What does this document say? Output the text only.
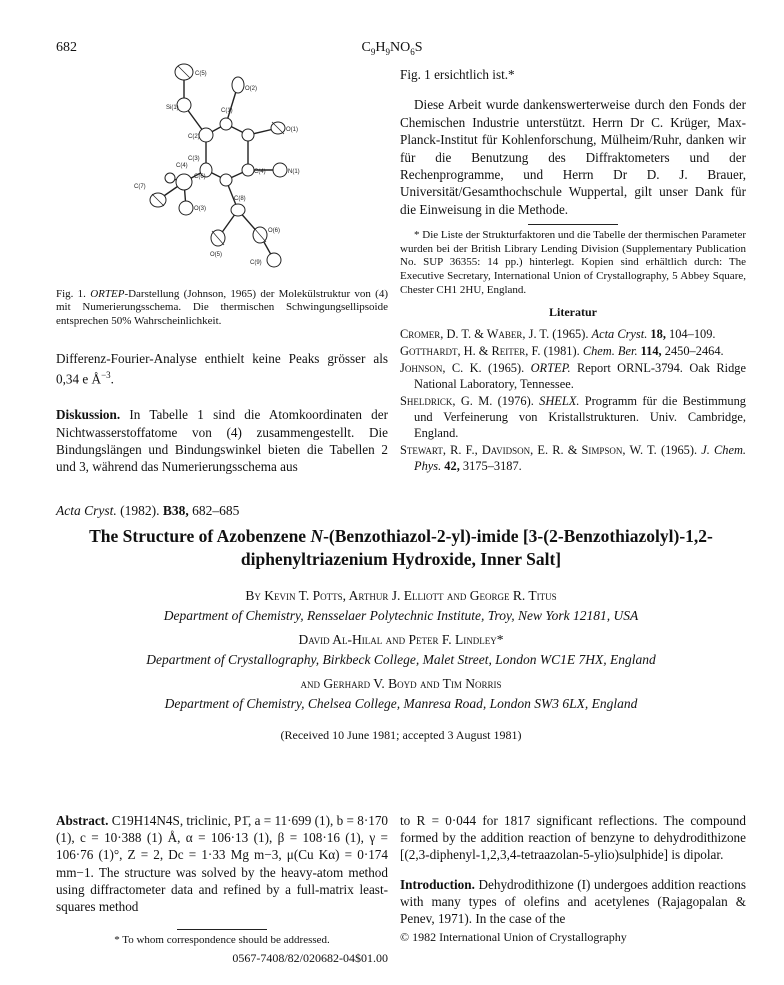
682	$C_9H_9NO_6S$
C(5)
Si(1)	C(1)
O(2)
C(2)
O(1)
C(3)
C(4)
N(1)
C(7)
C(6)
C(4)
O(3)
C(8)
O(5)
O(6)
C(9)
Fig. 1. ORTEP-Darstellung (Johnson, 1965) der Molekülstruktur von (4) mit Numerierungsschema. Die thermischen Schwingungsellipsoide entsprechen 50% Wahrscheinlichkeit.

Differenz-Fourier-Analyse enthielt keine Peaks grösser als 0,34 e $Å^{-3}$.

Diskussion. In Tabelle 1 sind die Atomkoordinaten der Nichtwasserstoffatome von (4) zusammengestellt. Die Bindungslängen und Bindungswinkel bieten die Tabellen 2 und 3, während das Numerierungsschema aus

Fig. 1 ersichtlich ist.*

Diese Arbeit wurde dankenswerterweise durch den Fonds der Chemischen Industrie unterstützt. Herrn Dr C. Krüger, Max-Planck-Institut für Kohlenforschung, Mülheim/Ruhr, danken wir für die Benutzung des Diffraktometers und der Rechenprogramme, und Herrn Dr D. J. Brauer, Universität/Gesamthochschule Wuppertal, gilt unser Dank für die Einweisung in die Methode.

* Die Liste der Strukturfaktoren und die Tabelle der thermischen Parameter wurden bei der British Library Lending Division (Supplementary Publication No. SUP 36355: 14 pp.) hinterlegt. Kopien sind erhältlich durch: The Executive Secretary, International Union of Crystallography, 5 Abbey Square, Chester CH1 2HU, England.

Literatur

Cromer, D. T. & Waber, J. T. (1965). Acta Cryst. 18, 104–109.

Gotthardt, H. & Reiter, F. (1981). Chem. Ber. 114, 2450–2464.

Johnson, C. K. (1965). ORTEP. Report ORNL-3794. Oak Ridge National Laboratory, Tennessee.

Sheldrick, G. M. (1976). SHELX. Programm für die Bestimmung und Verfeinerung von Kristallstrukturen. Univ. Cambridge, England.

Stewart, R. F., Davidson, E. R. & Simpson, W. T. (1965). J. Chem. Phys. 42, 3175–3187.

Acta Cryst. (1982). B38, 682–685
The Structure of Azobenzene N-(Benzothiazol-2-yl)-imide [3-(2-Benzothiazolyl)-1,2-
diphenyltriazenium Hydroxide, Inner Salt]
By Kevin T. Potts, Arthur J. Elliott and George R. Titus
Department of Chemistry, Rensselaer Polytechnic Institute, Troy, New York 12181, USA
David Al-Hilal and Peter F. Lindley*
Department of Crystallography, Birkbeck College, Malet Street, London WC1E 7HX, England
and Gerhard V. Boyd and Tim Norris
Department of Chemistry, Chelsea College, Manresa Road, London SW3 6LX, England
(Received 10 June 1981; accepted 3 August 1981)

Abstract. C19H14N4S, triclinic, P1̄, a = 11·699 (1), b = 8·170 (1), c = 10·388 (1) Å, α = 106·13 (1), β = 108·16 (1), γ = 106·76 (1)°, Z = 2, Dc = 1·33 Mg m−3, μ(Cu Kα) = 0·174 mm−1. The structure was solved by the heavy-atom method using diffractometer data and refined by a full-matrix least-squares method

* To whom correspondence should be addressed.

0567-7408/82/020682-04$01.00

to R = 0·044 for 1817 significant reflections. The compound formed by the addition reaction of benzyne to dehydrodithizone [(2,3-diphenyl-1,2,3,4-tetraazolan-5-ylio)sulphide] is dipolar.

Introduction. Dehydrodithizone (I) undergoes addition reactions with many types of olefins and acetylenes (Rajagopalan & Penev, 1971). In the case of the

© 1982 International Union of Crystallography
